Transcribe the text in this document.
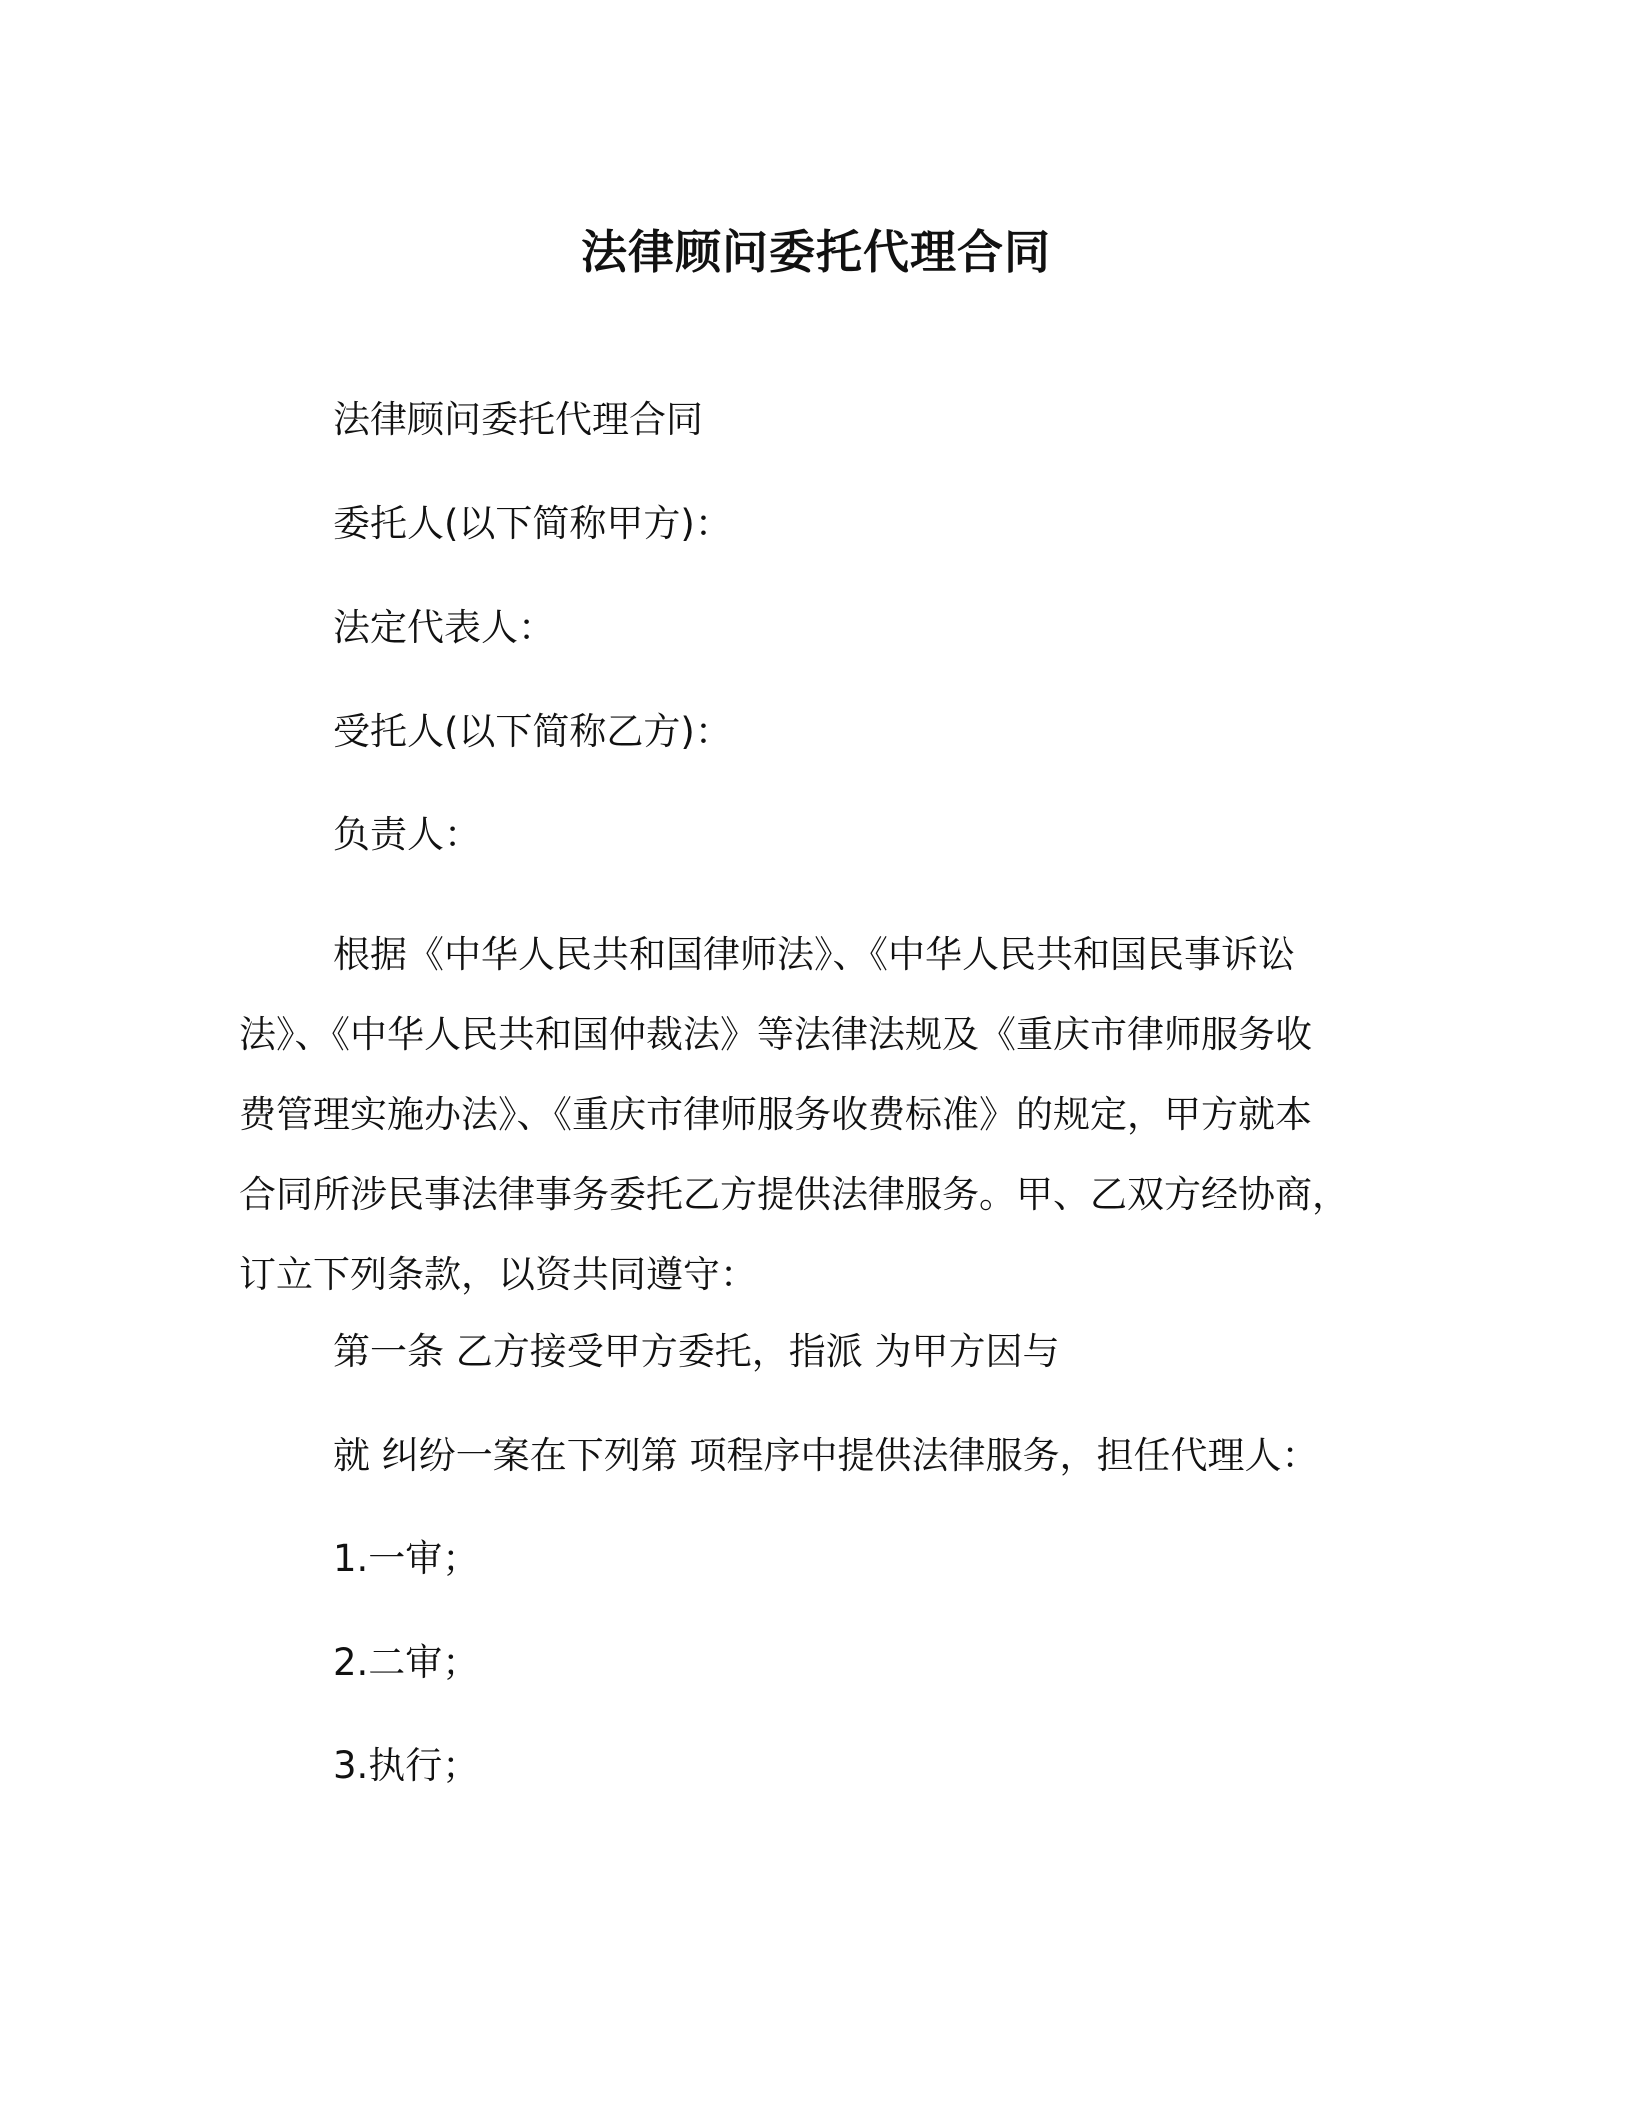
法律顾问委托代理合同
法律顾问委托代理合同
委托人(以下简称甲方)：
法定代表人：
受托人(以下简称乙方)：
负责人：
根据《中华人民共和国律师法》、《中华人民共和国民事诉讼
法》、《中华人民共和国仲裁法》等法律法规及《重庆市律师服务收
费管理实施办法》、《重庆市律师服务收费标准》的规定，甲方就本
合同所涉民事法律事务委托乙方提供法律服务。甲、乙双方经协商，
订立下列条款，以资共同遵守：
第一条 乙方接受甲方委托，指派 为甲方因与
就 纠纷一案在下列第 项程序中提供法律服务，担任代理人：
1.一审；
2.二审；
3.执行；
